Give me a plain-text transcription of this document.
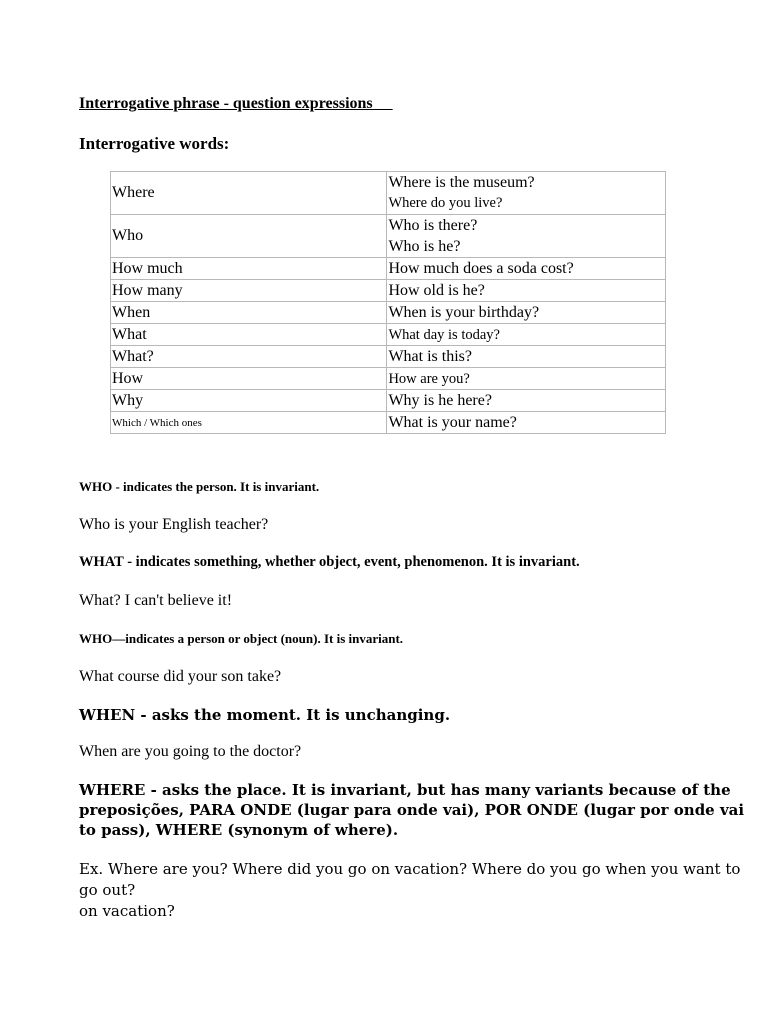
Interrogative phrase - question expressions
Interrogative words:
Where	Where is the museum?
Where do you live?

Who	Who is there?
Who is he?

How much	How much does a soda cost?
How many	How old is he?
When	When is your birthday?
What	What day is today?
What?	What is this?
How	How are you?
Why	Why is he here?
Which / Which ones	What is your name?
WHO - indicates the person. It is invariant.
Who is your English teacher?
WHAT - indicates something, whether object, event, phenomenon. It is invariant.
What? I can't believe it!
WHO—indicates a person or object (noun). It is invariant.
What course did your son take?
WHEN - asks the moment. It is unchanging.
When are you going to the doctor?
WHERE - asks the place. It is invariant, but has many variants because of the
preposições, PARA ONDE (lugar para onde vai), POR ONDE (lugar por onde vai
to pass), WHERE (synonym of where).
Ex. Where are you? Where did you go on vacation? Where do you go when you want to go out?
on vacation?
